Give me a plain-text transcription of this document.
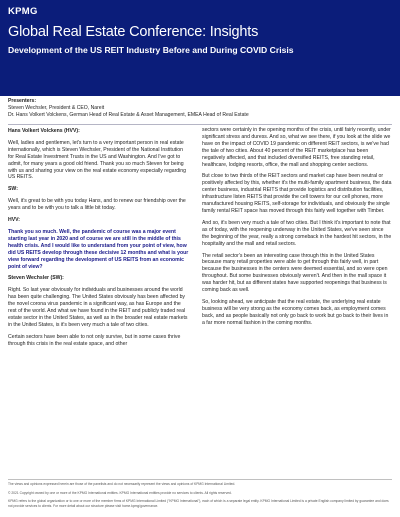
KPMG
Global Real Estate Conference: Insights
Development of the US REIT Industry Before and During COVID Crisis
Presenters:
Steven Wechsler, President & CEO, Nareit
Dr. Hans Volkert Volckens, German Head of Real Estate & Asset Management, EMEA Head of Real Estate
Hans Volkert Volckens (HVV):

Well, ladies and gentlemen, let's turn to a very important person in real estate internationally, which is Steven Wechsler, President of the National Institution for Real Estate Investment Trusts in the US and Washington. And I've got to admit, for many years a good old friend. Thank you so much Steven for being with us and sharing your view on the real estate economy especially regarding US REITS.

SW:

Well, it's great to be with you today Hans, and to renew our friendship over the years and to be with you to talk a little bit today.

HVV:

Thank you so much. Well, the pandemic of course was a major event starting last year in 2020 and of course we are still in the middle of this health crisis. And I would like to understand from your point of view, how did US REITS develop through these decisive 12 months and what is your view forward regarding the development of US REITS from an economic point of view?

Steven Wechsler (SW):

Right. So last year obviously for individuals and businesses around the world has been quite challenging. The United States obviously has been affected by the novel corona virus pandemic in a significant way, as has Europe and the rest of the world. And what we have found in the REIT and publicly traded real estate sector in the United States, as well as in the broader real estate markets in the United States, is it's been very much a tale of two cities.

Certain sectors have been able to not only survive, but in some cases thrive through this crisis in the real estate space, and other

sectors were certainly in the opening months of the crisis, until fairly recently, under significant stress and duress. And so, what we see there, if you look at the slide we have on the impact of COVID 19 pandemic on different REIT sectors, is we've had the tale of two cities. About 40 percent of the REIT marketplace has been negatively affected, and that included diversified REITS, free standing retail, healthcare, lodging resorts, office, the mall and shopping center sections.

But close to two thirds of the REIT sectors and market cap have been neutral or positively affected by this, whether it's the multi-family apartment business, the data center business, industrial REITS that provide logistics and distribution facilities, infrastructure listen REITS that provide the cell towers for our cell phones, more manufactured housing REITS, self-storage for individuals, and obviously the single family rental REIT space has moved through this fairly well together with Timber.

And so, it's been very much a tale of two cities. But I think it's important to note that as of today, with the reopening underway in the United States, we've seen since the beginning of the year, really a strong comeback in the hardest hit sectors, in the hospitality and the mall and retail sectors.

The retail sector's been an interesting case through this in the United States because many retail properties were able to get through this fairly well, in part because the businesses in the centers were deemed essential, and so were open throughout. But some businesses obviously weren't. And then in the mall space it was harder hit, but as different states have supported reopenings that business is coming back as well.

So, looking ahead, we anticipate that the real estate, the underlying real estate business will be very strong as the economy comes back, as employment comes back, and as people basically not only go back to work but go back to their lives in a far more normal fashion in the coming months.

The views and opinions expressed herein are those of the panelists and do not necessarily represent the views and opinions of KPMG International Limited.
© 2021 Copyright owned by one or more of the KPMG International entities. KPMG International entities provide no services to clients. All rights reserved.
KPMG refers to the global organization or to one or more of the member firms of KPMG International Limited ("KPMG International"), each of which is a separate legal entity. KPMG International Limited is a private English company limited by guarantee and does not provide services to clients. For more detail about our structure please visit home.kpmg/governance.
